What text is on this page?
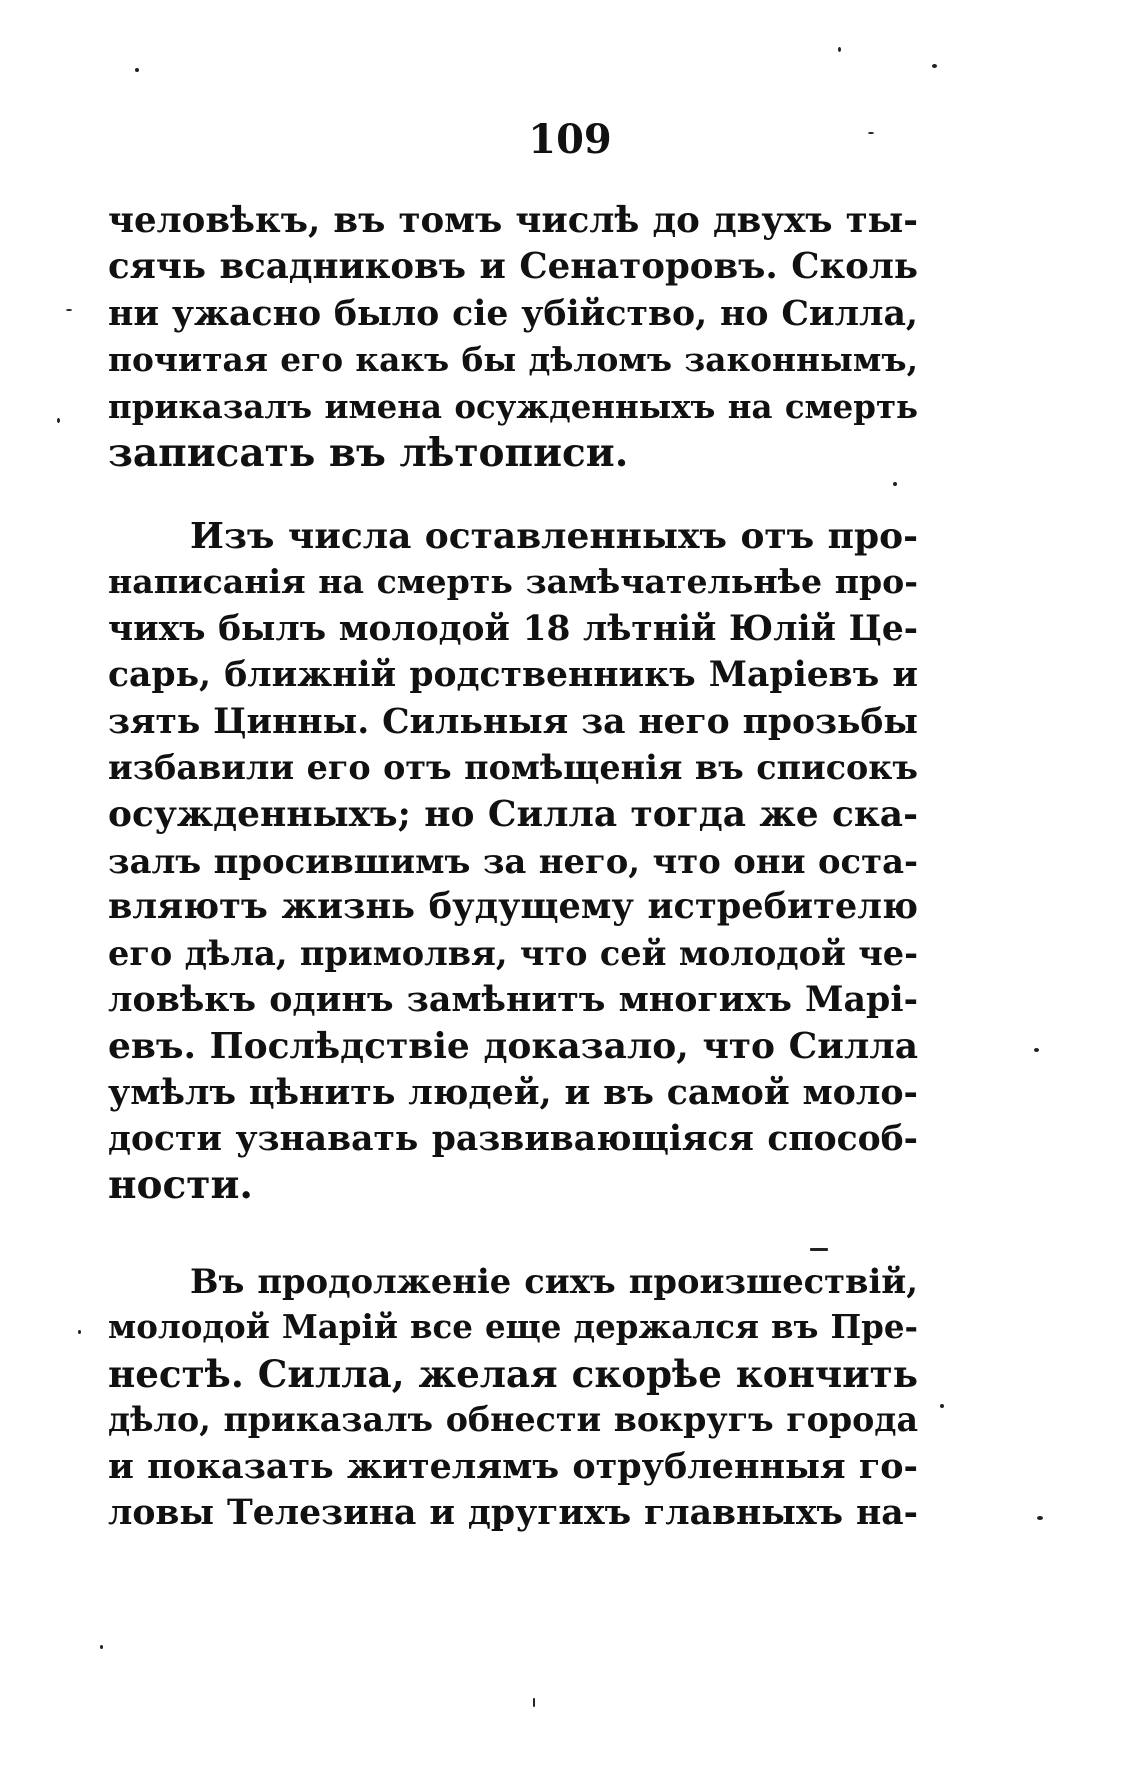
109
человѣкъ, въ томъ числѣ до двухъ ты-
сячь всадниковъ и Сенаторовъ. Сколь
ни ужасно было сіе убійство, но Силла,
почитая его какъ бы дѣломъ законнымъ,
приказалъ имена осужденныхъ на смерть
записать въ лѣтописи.
Изъ числа оставленныхъ отъ про-
написанія на смерть замѣчательнѣе про-
чихъ былъ молодой 18 лѣтній Юлій Це-
сарь, ближній родственникъ Маріевъ и
зять Цинны. Сильныя за него прозьбы
избавили его отъ помѣщенія въ списокъ
осужденныхъ; но Силла тогда же ска-
залъ просившимъ за него, что они оста-
вляютъ жизнь будущему истребителю
его дѣла, примолвя, что сей молодой че-
ловѣкъ одинъ замѣнитъ многихъ Марі-
евъ. Послѣдствіе доказало, что Силла
умѣлъ цѣнить людей, и въ самой моло-
дости узнавать развивающіяся способ-
ности.
Въ продолженіе сихъ произшествій,
молодой Марій все еще держался въ Пре-
нестѣ. Силла, желая скорѣе кончить
дѣло, приказалъ обнести вокругъ города
и показать жителямъ отрубленныя го-
ловы Телезина и другихъ главныхъ на-
